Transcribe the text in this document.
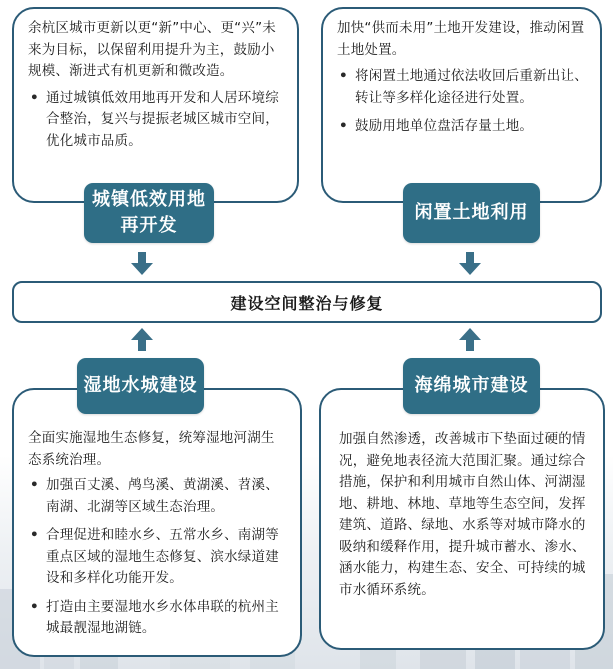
余杭区城市更新以更“新”中心、更“兴”未来为目标，以保留利用提升为主，鼓励小规模、渐进式有机更新和微改造。

• 通过城镇低效用地再开发和人居环境综合整治，复兴与提振老城区城市空间，优化城市品质。
城镇低效用地
再开发

加快“供而未用”土地开发建设，推动闲置土地处置。

• 将闲置土地通过依法收回后重新出让、转让等多样化途径进行处置。
• 鼓励用地单位盘活存量土地。
闲置土地利用
建设空间整治与修复

全面实施湿地生态修复，统筹湿地河湖生态系统治理。

• 加强百丈溪、鸬鸟溪、黄湖溪、苕溪、南湖、北湖等区域生态治理。
• 合理促进和睦水乡、五常水乡、南湖等重点区域的湿地生态修复、滨水绿道建设和多样化功能开发。
• 打造由主要湿地水乡水体串联的杭州主城最靓湿地湖链。
湿地水城建设

加强自然渗透，改善城市下垫面过硬的情况，避免地表径流大范围汇聚。通过综合措施，保护和利用城市自然山体、河湖湿地、耕地、林地、草地等生态空间，发挥建筑、道路、绿地、水系等对城市降水的吸纳和缓释作用，提升城市蓄水、渗水、涵水能力，构建生态、安全、可持续的城市水循环系统。

海绵城市建设
